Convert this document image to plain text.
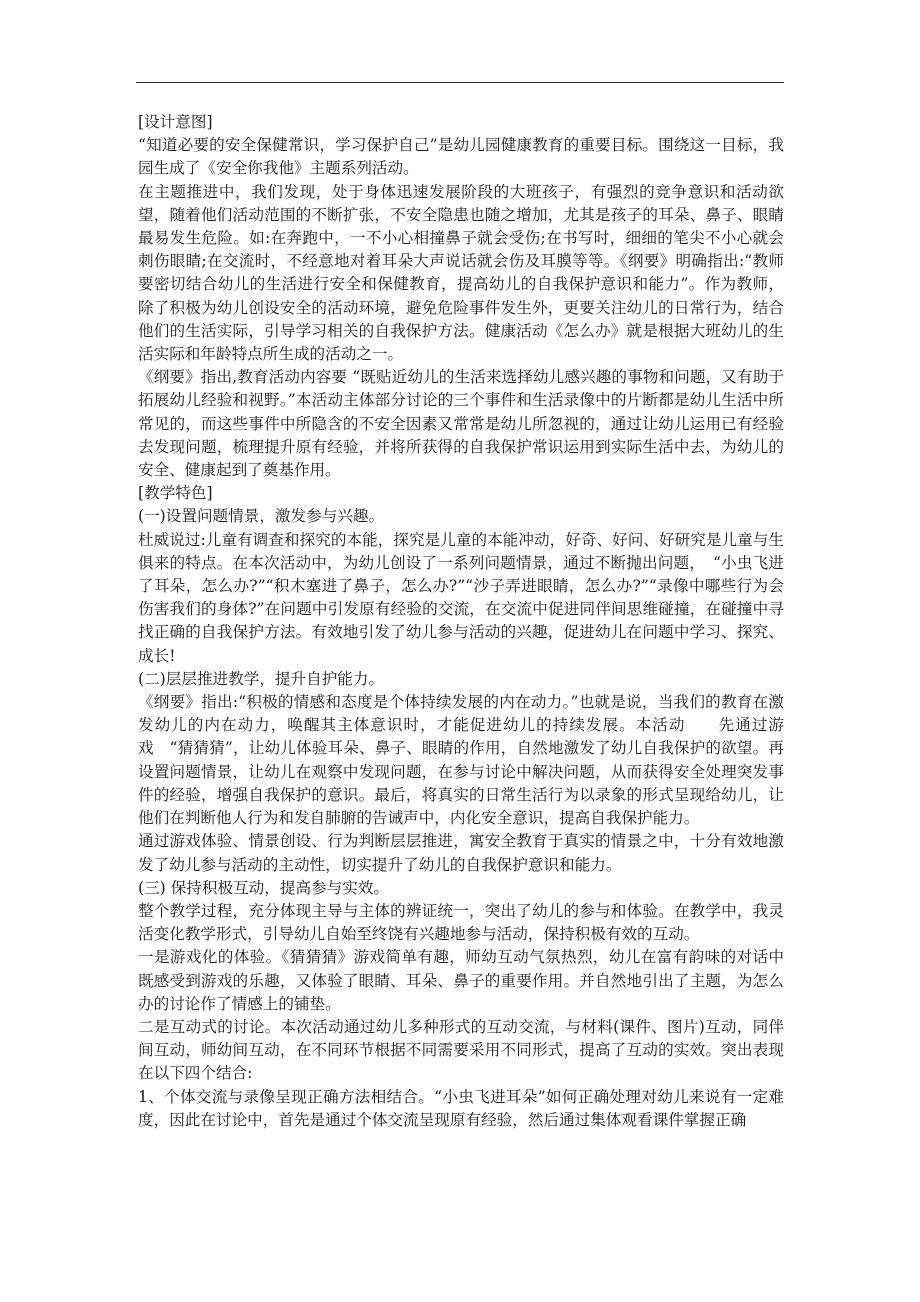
[设计意图]

“知道必要的安全保健常识，学习保护自己”是幼儿园健康教育的重要目标。围绕这一目标，我园生成了《安全你我他》主题系列活动。

在主题推进中，我们发现，处于身体迅速发展阶段的大班孩子，有强烈的竞争意识和活动欲望，随着他们活动范围的不断扩张，不安全隐患也随之增加，尤其是孩子的耳朵、鼻子、眼睛最易发生危险。如:在奔跑中，一不小心相撞鼻子就会受伤;在书写时，细细的笔尖不小心就会刺伤眼睛;在交流时，不经意地对着耳朵大声说话就会伤及耳膜等等。《纲要》明确指出:“教师要密切结合幼儿的生活进行安全和保健教育，提高幼儿的自我保护意识和能力”。作为教师，除了积极为幼儿创设安全的活动环境，避免危险事件发生外，更要关注幼儿的日常行为，结合他们的生活实际，引导学习相关的自我保护方法。健康活动《怎么办》就是根据大班幼儿的生活实际和年龄特点所生成的活动之一。

《纲要》指出,教育活动内容要 “既贴近幼儿的生活来选择幼儿感兴趣的事物和问题，又有助于拓展幼儿经验和视野。”本活动主体部分讨论的三个事件和生活录像中的片断都是幼儿生活中所常见的，而这些事件中所隐含的不安全因素又常常是幼儿所忽视的，通过让幼儿运用已有经验去发现问题，梳理提升原有经验，并将所获得的自我保护常识运用到实际生活中去，为幼儿的安全、健康起到了奠基作用。

[教学特色]

(一)设置问题情景，激发参与兴趣。

杜威说过:儿童有调查和探究的本能，探究是儿童的本能冲动，好奇、好问、好研究是儿童与生俱来的特点。在本次活动中，为幼儿创设了一系列问题情景，通过不断抛出问题，　“小虫飞进了耳朵，怎么办?”“积木塞进了鼻子，怎么办?”“沙子弄进眼睛，怎么办?”“录像中哪些行为会伤害我们的身体?”在问题中引发原有经验的交流，在交流中促进同伴间思维碰撞，在碰撞中寻找正确的自我保护方法。有效地引发了幼儿参与活动的兴趣，促进幼儿在问题中学习、探究、成长!

(二)层层推进教学，提升自护能力。

《纲要》指出:“积极的情感和态度是个体持续发展的内在动力。”也就是说，当我们的教育在激发幼儿的内在动力，唤醒其主体意识时，才能促进幼儿的持续发展。本活动　　先通过游戏　“猜猜猜”，让幼儿体验耳朵、鼻子、眼睛的作用，自然地激发了幼儿自我保护的欲望。再设置问题情景，让幼儿在观察中发现问题，在参与讨论中解决问题，从而获得安全处理突发事件的经验，增强自我保护的意识。最后，将真实的日常生活行为以录象的形式呈现给幼儿，让他们在判断他人行为和发自肺腑的告诫声中，内化安全意识，提高自我保护能力。

通过游戏体验、情景创设、行为判断层层推进，寓安全教育于真实的情景之中，十分有效地激发了幼儿参与活动的主动性，切实提升了幼儿的自我保护意识和能力。

(三) 保持积极互动，提高参与实效。

整个教学过程，充分体现主导与主体的辨证统一，突出了幼儿的参与和体验。在教学中，我灵活变化教学形式，引导幼儿自始至终饶有兴趣地参与活动，保持积极有效的互动。

一是游戏化的体验。《猜猜猜》游戏简单有趣，师幼互动气氛热烈，幼儿在富有韵味的对话中既感受到游戏的乐趣，又体验了眼睛、耳朵、鼻子的重要作用。并自然地引出了主题，为怎么办的讨论作了情感上的铺垫。

二是互动式的讨论。本次活动通过幼儿多种形式的互动交流，与材料(课件、图片)互动，同伴间互动，师幼间互动，在不同环节根据不同需要采用不同形式，提高了互动的实效。突出表现在以下四个结合:

1、个体交流与录像呈现正确方法相结合。“小虫飞进耳朵”如何正确处理对幼儿来说有一定难度，因此在讨论中，首先是通过个体交流呈现原有经验，然后通过集体观看课件掌握正确
